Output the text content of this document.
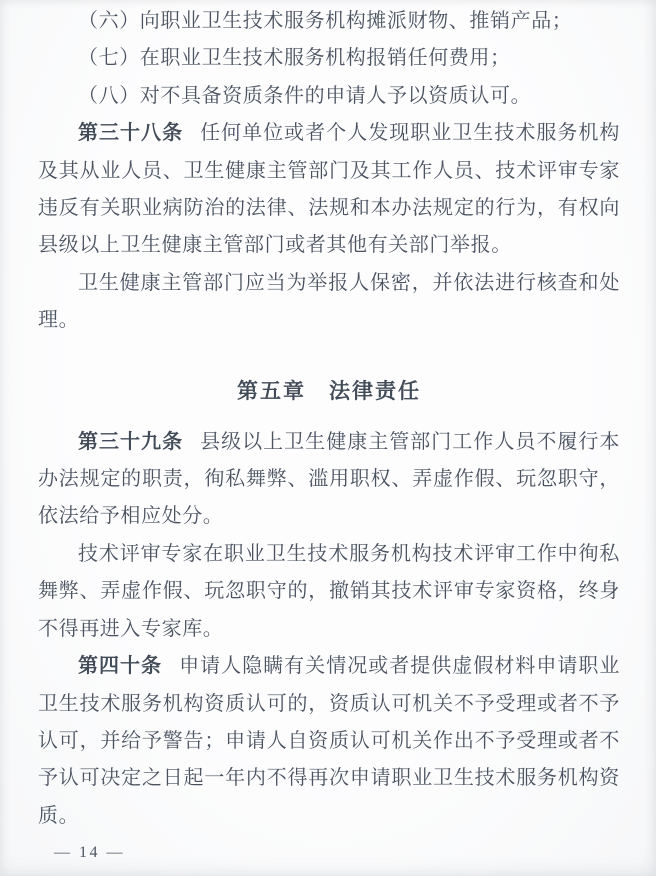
（六）向职业卫生技术服务机构摊派财物、推销产品；

（七）在职业卫生技术服务机构报销任何费用；

（八）对不具备资质条件的申请人予以资质认可。

第三十八条 任何单位或者个人发现职业卫生技术服务机构及其从业人员、卫生健康主管部门及其工作人员、技术评审专家违反有关职业病防治的法律、法规和本办法规定的行为，有权向县级以上卫生健康主管部门或者其他有关部门举报。

卫生健康主管部门应当为举报人保密，并依法进行核查和处理。

第五章　法律责任

第三十九条 县级以上卫生健康主管部门工作人员不履行本办法规定的职责，徇私舞弊、滥用职权、弄虚作假、玩忽职守，依法给予相应处分。

技术评审专家在职业卫生技术服务机构技术评审工作中徇私舞弊、弄虚作假、玩忽职守的，撤销其技术评审专家资格，终身不得再进入专家库。

第四十条 申请人隐瞒有关情况或者提供虚假材料申请职业卫生技术服务机构资质认可的，资质认可机关不予受理或者不予认可，并给予警告；申请人自资质认可机关作出不予受理或者不予认可决定之日起一年内不得再次申请职业卫生技术服务机构资质。

— 14 —
